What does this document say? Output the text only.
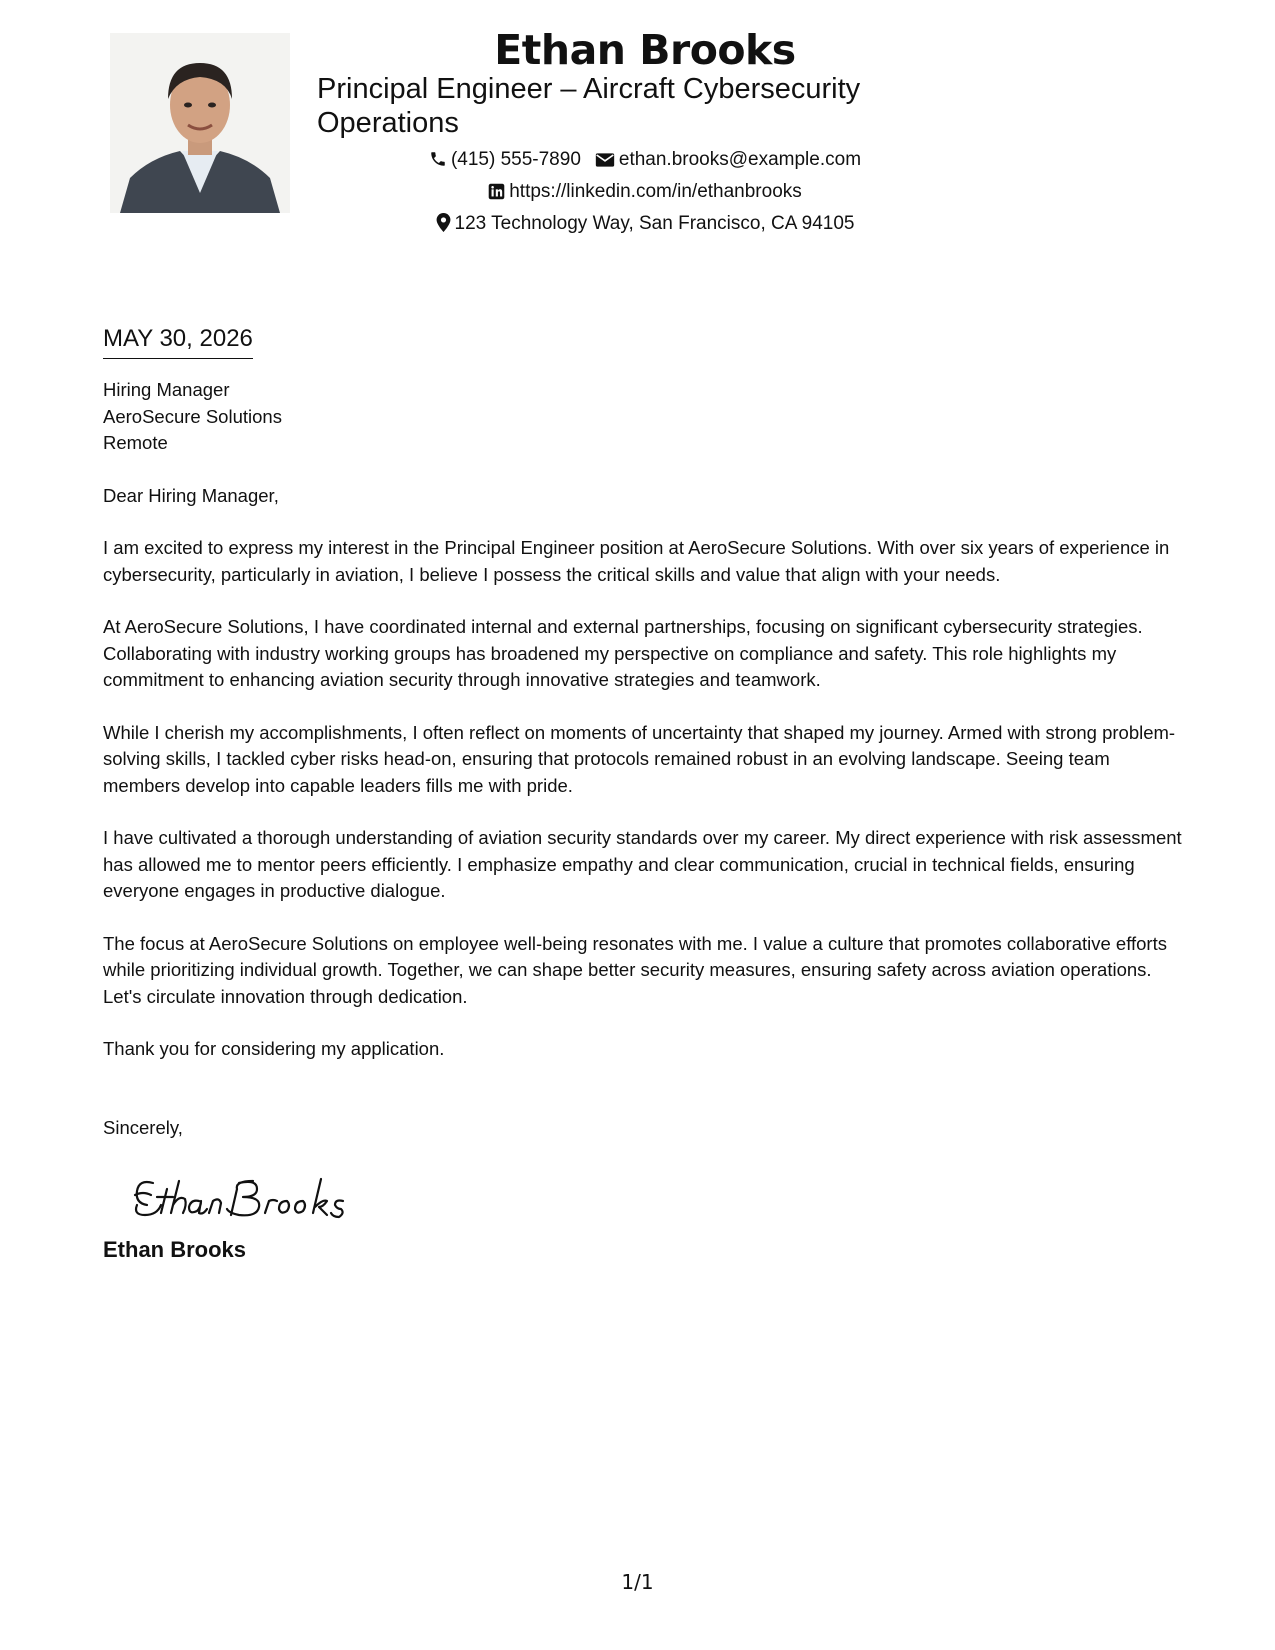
Ethan Brooks
Principal Engineer – Aircraft Cybersecurity Operations
(415) 555-7890 ethan.brooks@example.com
https://linkedin.com/in/ethanbrooks
123 Technology Way, San Francisco, CA 94105
MAY 30, 2026
Hiring Manager
AeroSecure Solutions
Remote
Dear Hiring Manager,

I am excited to express my interest in the Principal Engineer position at AeroSecure Solutions. With over six years of experience in cybersecurity, particularly in aviation, I believe I possess the critical skills and value that align with your needs.

At AeroSecure Solutions, I have coordinated internal and external partnerships, focusing on significant cybersecurity strategies. Collaborating with industry working groups has broadened my perspective on compliance and safety. This role highlights my commitment to enhancing aviation security through innovative strategies and teamwork.

While I cherish my accomplishments, I often reflect on moments of uncertainty that shaped my journey. Armed with strong problem-solving skills, I tackled cyber risks head-on, ensuring that protocols remained robust in an evolving landscape. Seeing team members develop into capable leaders fills me with pride.

I have cultivated a thorough understanding of aviation security standards over my career. My direct experience with risk assessment has allowed me to mentor peers efficiently. I emphasize empathy and clear communication, crucial in technical fields, ensuring everyone engages in productive dialogue.

The focus at AeroSecure Solutions on employee well-being resonates with me. I value a culture that promotes collaborative efforts while prioritizing individual growth. Together, we can shape better security measures, ensuring safety across aviation operations. Let's circulate innovation through dedication.

Thank you for considering my application.

Sincerely,
Ethan Brooks
1/1
